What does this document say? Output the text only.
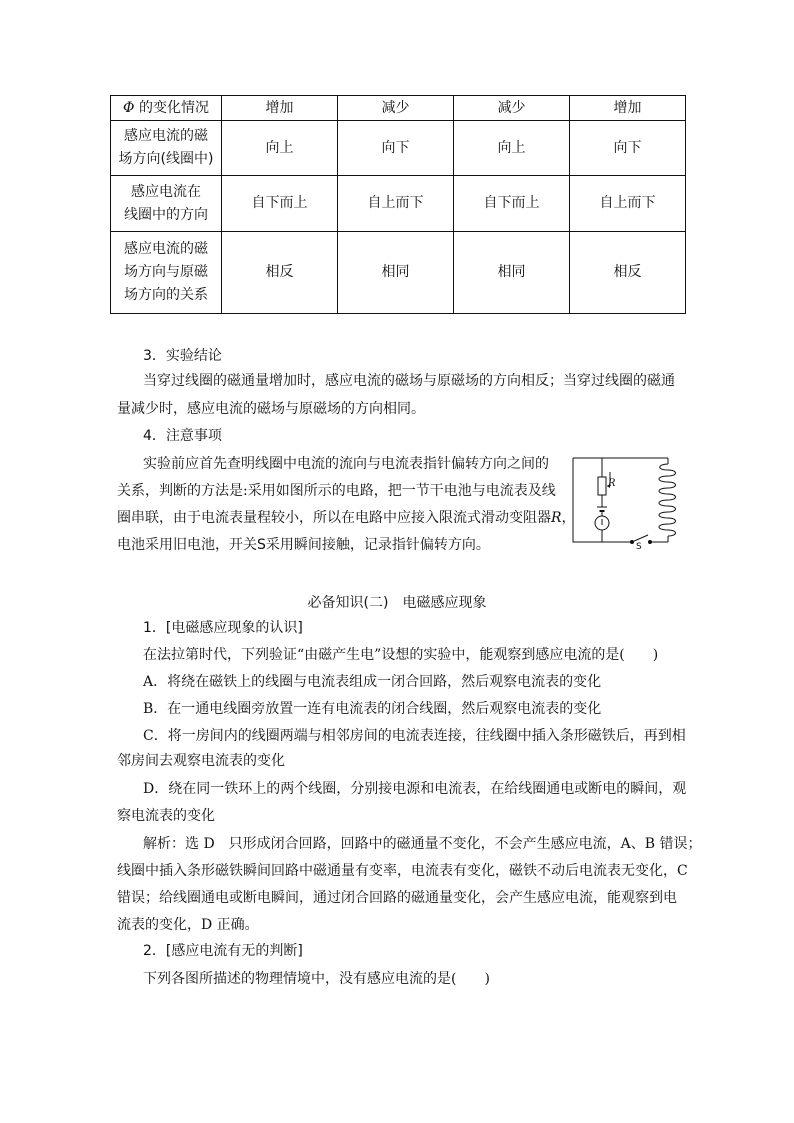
Φ 的变化情况	增加	减少	减少	增加

感应电流的磁
场方向(线圈中)	向上	向下	向上	向下

感应电流在
线圈中的方向	自下而上	自上而下	自下而上	自上而下

感应电流的磁
场方向与原磁
场方向的关系	相反	相同	相同	相反
3．实验结论
当穿过线圈的磁通量增加时，感应电流的磁场与原磁场的方向相反；当穿过线圈的磁通
量减少时，感应电流的磁场与原磁场的方向相同。
4．注意事项
实验前应首先查明线圈中电流的流向与电流表指针偏转方向之间的
关系，判断的方法是:采用如图所示的电路，把一节干电池与电流表及线
圈串联，由于电流表量程较小，所以在电路中应接入限流式滑动变阻器R，
电池采用旧电池，开关S采用瞬间接触，记录指针偏转方向。
R
S
必备知识(二) 电磁感应现象
1．[电磁感应现象的认识]
在法拉第时代，下列验证“由磁产生电”设想的实验中，能观察到感应电流的是(　　)
A．将绕在磁铁上的线圈与电流表组成一闭合回路，然后观察电流表的变化
B．在一通电线圈旁放置一连有电流表的闭合线圈，然后观察电流表的变化
C．将一房间内的线圈两端与相邻房间的电流表连接，往线圈中插入条形磁铁后，再到相
邻房间去观察电流表的变化
D．绕在同一铁环上的两个线圈，分别接电源和电流表，在给线圈通电或断电的瞬间，观
察电流表的变化
解析：选 D　只形成闭合回路，回路中的磁通量不变化，不会产生感应电流，A、B 错误；
线圈中插入条形磁铁瞬间回路中磁通量有变率，电流表有变化，磁铁不动后电流表无变化，C
错误；给线圈通电或断电瞬间，通过闭合回路的磁通量变化，会产生感应电流，能观察到电
流表的变化，D 正确。
2．[感应电流有无的判断]
下列各图所描述的物理情境中，没有感应电流的是(　　)
